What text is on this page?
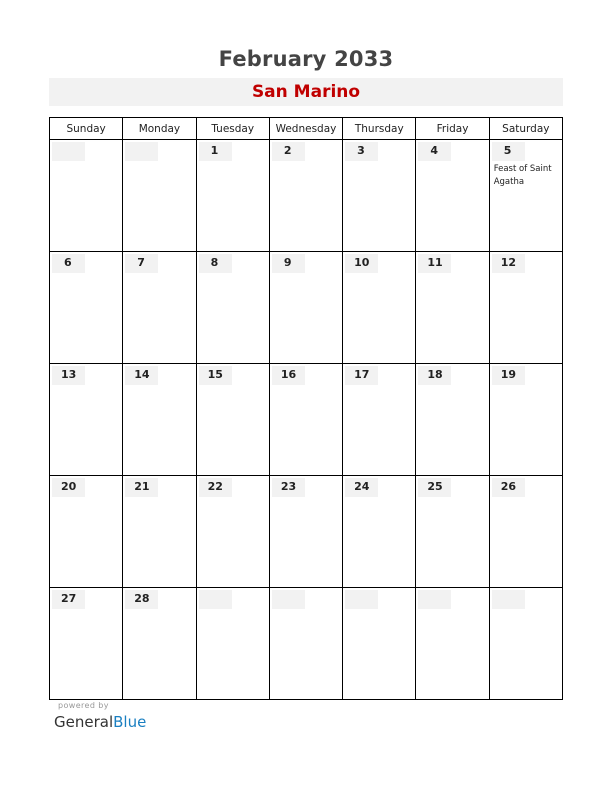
February 2033
San Marino
Sunday	Monday	Tuesday	Wednesday	Thursday	Friday	Saturday

		1	2	3	4	5
Feast of Saint Agatha

6	7	8	9	10	11	12

13	14	15	16	17	18	19

20	21	22	23	24	25	26

27	28					

powered by
GeneralBlue
